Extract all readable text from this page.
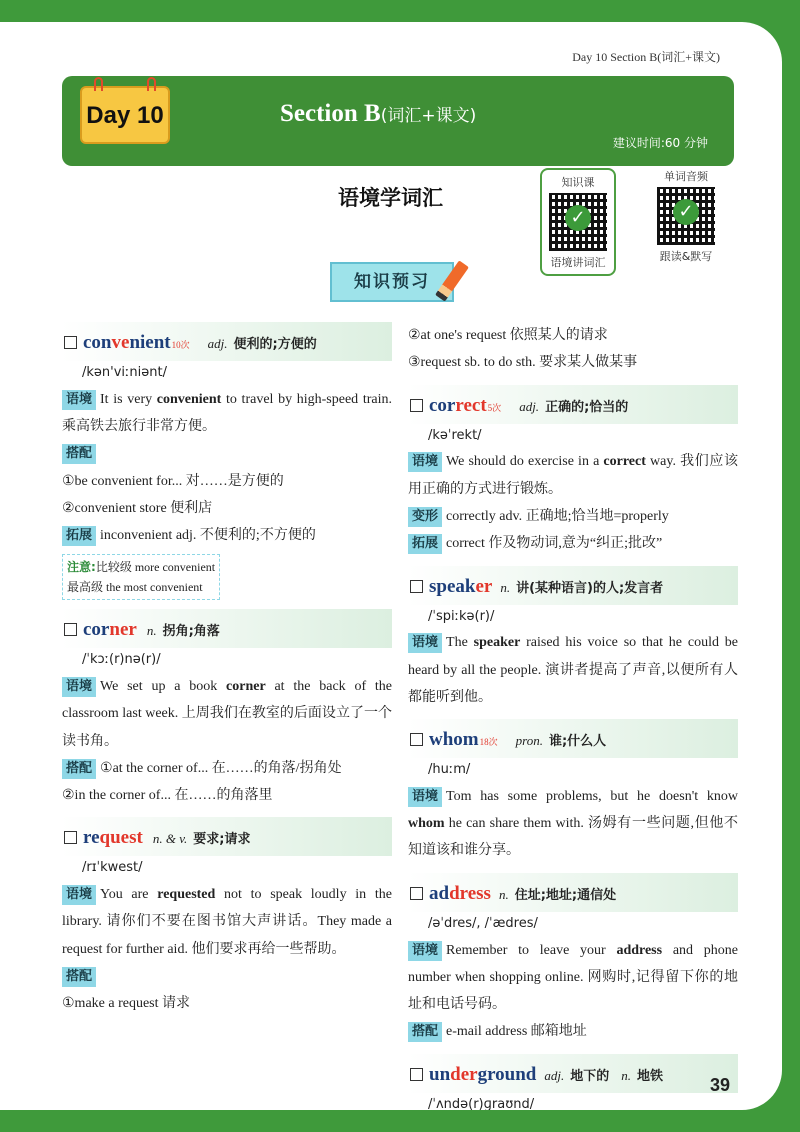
Day 10 Section B(词汇+课文)
Day 10	Section B(词汇+课文)
建议时间:60 分钟
语境学词汇
知识课
✓
语境讲词汇
单词音频
✓
跟读&默写
知识预习
convenient 10次 adj. 便利的;方便的
/kən'viːniənt/
语境 It is very convenient to travel by high-speed train. 乘高铁去旅行非常方便。
搭配
①be convenient for... 对……是方便的
②convenient store 便利店
拓展 inconvenient adj. 不便利的;不方便的
注意:比较级 more convenient
最高级 the most convenient
corner n. 拐角;角落
/ˈkɔː(r)nə(r)/
语境 We set up a book corner at the back of the classroom last week. 上周我们在教室的后面设立了一个读书角。
搭配 ①at the corner of... 在……的角落/拐角处
②in the corner of... 在……的角落里
request n. & v. 要求;请求
/rɪˈkwest/
语境 You are requested not to speak loudly in the library. 请你们不要在图书馆大声讲话。They made a request for further aid. 他们要求再给一些帮助。
搭配
①make a request 请求
②at one's request 依照某人的请求
③request sb. to do sth. 要求某人做某事
correct 5次 adj. 正确的;恰当的
/kəˈrekt/
语境 We should do exercise in a correct way. 我们应该用正确的方式进行锻炼。
变形 correctly adv. 正确地;恰当地=properly
拓展 correct 作及物动词,意为“纠正;批改”
speaker n. 讲(某种语言)的人;发言者
/ˈspiːkə(r)/
语境 The speaker raised his voice so that he could be heard by all the people. 演讲者提高了声音,以便所有人都能听到他。
whom 18次 pron. 谁;什么人
/huːm/
语境 Tom has some problems, but he doesn't know whom he can share them with. 汤姆有一些问题,但他不知道该和谁分享。
address n. 住址;地址;通信处
/əˈdres/, /ˈædres/
语境 Remember to leave your address and phone number when shopping online. 网购时,记得留下你的地址和电话号码。
搭配 e-mail address 邮箱地址
underground adj. 地下的 n. 地铁
/ˈʌndə(r)ɡraʊnd/
39
